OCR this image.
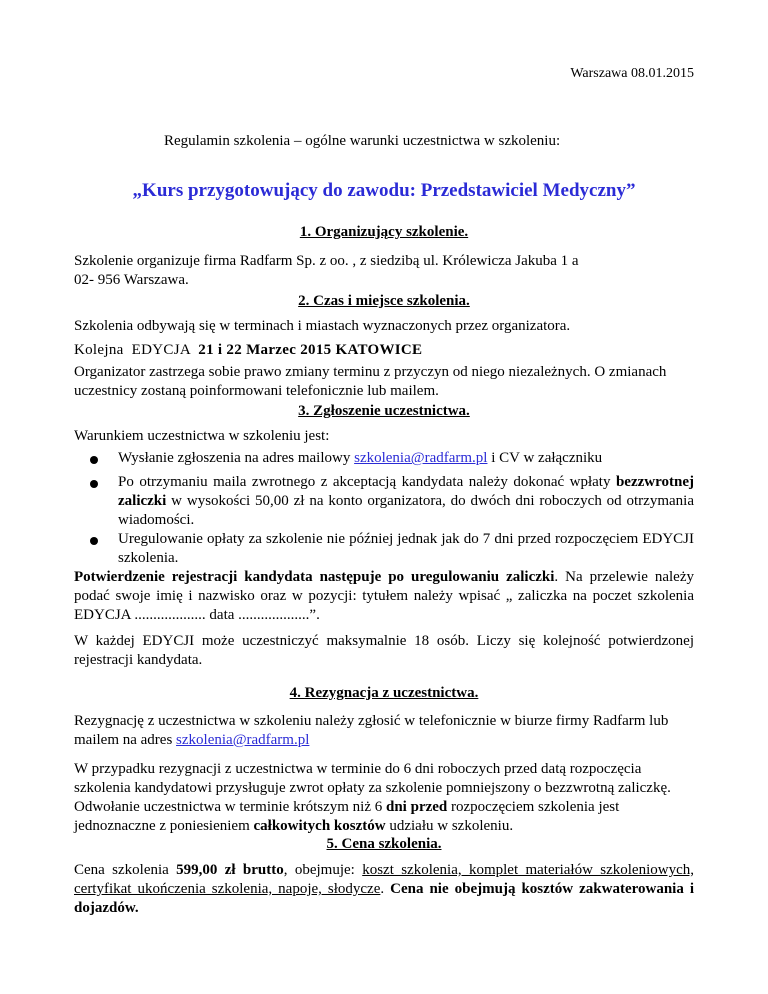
Warszawa 08.01.2015
Regulamin szkolenia – ogólne warunki uczestnictwa w szkoleniu:
„Kurs przygotowujący do zawodu: Przedstawiciel Medyczny”
1. Organizujący szkolenie.
Szkolenie organizuje firma Radfarm Sp. z oo. , z siedzibą ul. Królewicza Jakuba 1 a
02- 956 Warszawa.
2. Czas i miejsce szkolenia.
Szkolenia odbywają się w terminach i miastach wyznaczonych przez organizatora.
Kolejna  EDYCJA  21 i 22 Marzec 2015 KATOWICE
Organizator zastrzega sobie prawo zmiany terminu z przyczyn od niego niezależnych. O zmianach uczestnicy zostaną poinformowani telefonicznie lub mailem.
3. Zgłoszenie uczestnictwa.
Warunkiem uczestnictwa w szkoleniu jest:
Wysłanie zgłoszenia na adres mailowy szkolenia@radfarm.pl i CV w załączniku
Po otrzymaniu maila zwrotnego z akceptacją kandydata należy dokonać wpłaty bezzwrotnej zaliczki w wysokości 50,00 zł na konto organizatora, do dwóch dni roboczych od otrzymania wiadomości.
Uregulowanie opłaty za szkolenie nie później jednak jak do 7 dni przed rozpoczęciem EDYCJI szkolenia.
Potwierdzenie rejestracji kandydata następuje po uregulowaniu zaliczki. Na przelewie należy podać swoje imię i nazwisko oraz w pozycji: tytułem należy wpisać „ zaliczka na poczet szkolenia EDYCJA ................... data ...................”.
W każdej EDYCJI może uczestniczyć maksymalnie 18 osób. Liczy się kolejność potwierdzonej rejestracji kandydata.
4. Rezygnacja z uczestnictwa.
Rezygnację z uczestnictwa w szkoleniu należy zgłosić w telefonicznie w biurze firmy Radfarm lub mailem na adres szkolenia@radfarm.pl
W przypadku rezygnacji z uczestnictwa w terminie do 6 dni roboczych przed datą rozpoczęcia szkolenia kandydatowi przysługuje zwrot opłaty za szkolenie pomniejszony o bezzwrotną zaliczkę. Odwołanie uczestnictwa w terminie krótszym niż 6 dni przed rozpoczęciem szkolenia jest jednoznaczne z poniesieniem całkowitych kosztów udziału w szkoleniu.
5. Cena szkolenia.
Cena szkolenia 599,00 zł brutto, obejmuje: koszt szkolenia, komplet materiałów szkoleniowych, certyfikat ukończenia szkolenia, napoje, słodycze. Cena nie obejmują kosztów zakwaterowania i dojazdów.
